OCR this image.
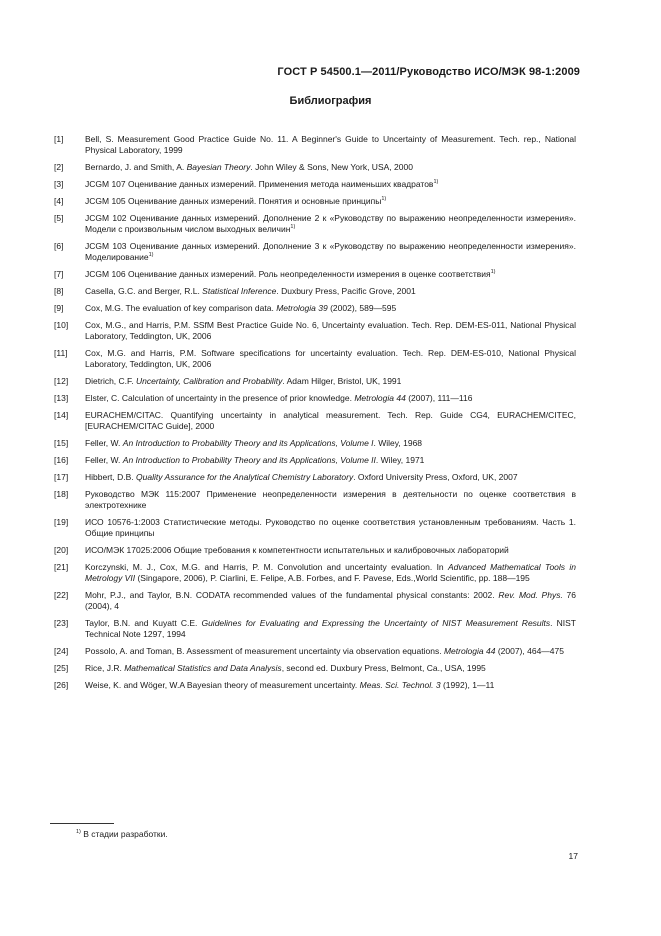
ГОСТ Р 54500.1—2011/Руководство ИСО/МЭК 98-1:2009
Библиография
[1]	Bell, S. Measurement Good Practice Guide No. 11. A Beginner's Guide to Uncertainty of Measurement. Tech. rep., National Physical Laboratory, 1999
[2]	Bernardo, J. and Smith, A. Bayesian Theory. John Wiley & Sons, New York, USA, 2000
[3]	JCGM 107 Оценивание данных измерений. Применения метода наименьших квадратов$^{1)}$
[4]	JCGM 105 Оценивание данных измерений. Понятия и основные принципы$^{1)}$
[5]	JCGM 102 Оценивание данных измерений. Дополнение 2 к «Руководству по выражению неопределенности измерения». Модели с произвольным числом выходных величин$^{1)}$
[6]	JCGM 103 Оценивание данных измерений. Дополнение 3 к «Руководству по выражению неопределенности измерения». Моделирование$^{1)}$
[7]	JCGM 106 Оценивание данных измерений. Роль неопределенности измерения в оценке соответствия$^{1)}$
[8]	Casella, G.C. and Berger, R.L. Statistical Inference. Duxbury Press, Pacific Grove, 2001
[9]	Cox, M.G. The evaluation of key comparison data. Metrologia 39 (2002), 589—595
[10]	Cox, M.G., and Harris, P.M. SSfM Best Practice Guide No. 6, Uncertainty evaluation. Tech. Rep. DEM-ES-011, National Physical Laboratory, Teddington, UK, 2006
[11]	Cox, M.G. and Harris, P.M. Software specifications for uncertainty evaluation. Tech. Rep. DEM-ES-010, National Physical Laboratory, Teddington, UK, 2006
[12]	Dietrich, C.F. Uncertainty, Calibration and Probability. Adam Hilger, Bristol, UK, 1991
[13]	Elster, C. Calculation of uncertainty in the presence of prior knowledge. Metrologia 44 (2007), 111—116
[14]	EURACHEM/CITAC. Quantifying uncertainty in analytical measurement. Tech. Rep. Guide CG4, EURACHEM/CITEC, [EURACHEM/CITAC Guide], 2000
[15]	Feller, W. An Introduction to Probability Theory and its Applications, Volume I. Wiley, 1968
[16]	Feller, W. An Introduction to Probability Theory and its Applications, Volume II. Wiley, 1971
[17]	Hibbert, D.B. Quality Assurance for the Analytical Chemistry Laboratory. Oxford University Press, Oxford, UK, 2007
[18]	Руководство МЭК 115:2007 Применение неопределенности измерения в деятельности по оценке соответствия в электротехнике
[19]	ИСО 10576-1:2003 Статистические методы. Руководство по оценке соответствия установленным требованиям. Часть 1. Общие принципы
[20]	ИСО/МЭК 17025:2006 Общие требования к компетентности испытательных и калибровочных лабораторий
[21]	Korczynski, M. J., Cox, M.G. and Harris, P. M. Convolution and uncertainty evaluation. In Advanced Mathematical Tools in Metrology VII (Singapore, 2006), P. Ciarlini, E. Felipe, A.B. Forbes, and F. Pavese, Eds.,World Scientific, pp. 188—195
[22]	Mohr, P.J., and Taylor, B.N. CODATA recommended values of the fundamental physical constants: 2002. Rev. Mod. Phys. 76 (2004), 4
[23]	Taylor, B.N. and Kuyatt C.E. Guidelines for Evaluating and Expressing the Uncertainty of NIST Measurement Results. NIST Technical Note 1297, 1994
[24]	Possolo, A. and Toman, B. Assessment of measurement uncertainty via observation equations. Metrologia 44 (2007), 464—475
[25]	Rice, J.R. Mathematical Statistics and Data Analysis, second ed. Duxbury Press, Belmont, Ca., USA, 1995
[26]	Weise, K. and Wöger, W.A Bayesian theory of measurement uncertainty. Meas. Sci. Technol. 3 (1992), 1—11
$^{1)}$ В стадии разработки.
17
